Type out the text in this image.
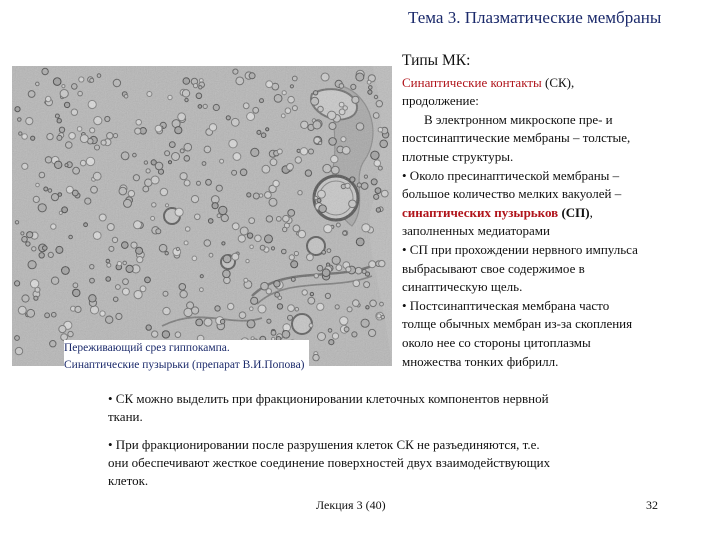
Тема 3. Плазматические мембраны
Переживающий срез гиппокампа.
Синаптические пузырьки (препарат В.И.Попова)
Типы МК:
Синаптические контакты (СК),
продолжение:
В электронном микроскопе пре- и
постсинаптические мембраны – толстые,
плотные структуры.
• Около пресинаптической мембраны –
большое количество мелких вакуолей –
синаптических пузырьков (СП),
заполненных медиаторами
• СП при прохождении нервного импульса
выбрасывают свое содержимое в
синаптическую щель.
• Постсинаптическая мембрана часто
толще обычных мембран из-за скопления
около нее со стороны цитоплазмы
множества тонких фибрилл.
• СК можно выделить при фракционировании клеточных компонентов нервной
ткани.
• При фракционировании после разрушения клеток СК не разъединяются, т.е.
они обеспечивают жесткое соединение поверхностей двух взаимодействующих
клеток.
Лекция 3 (40)	32
